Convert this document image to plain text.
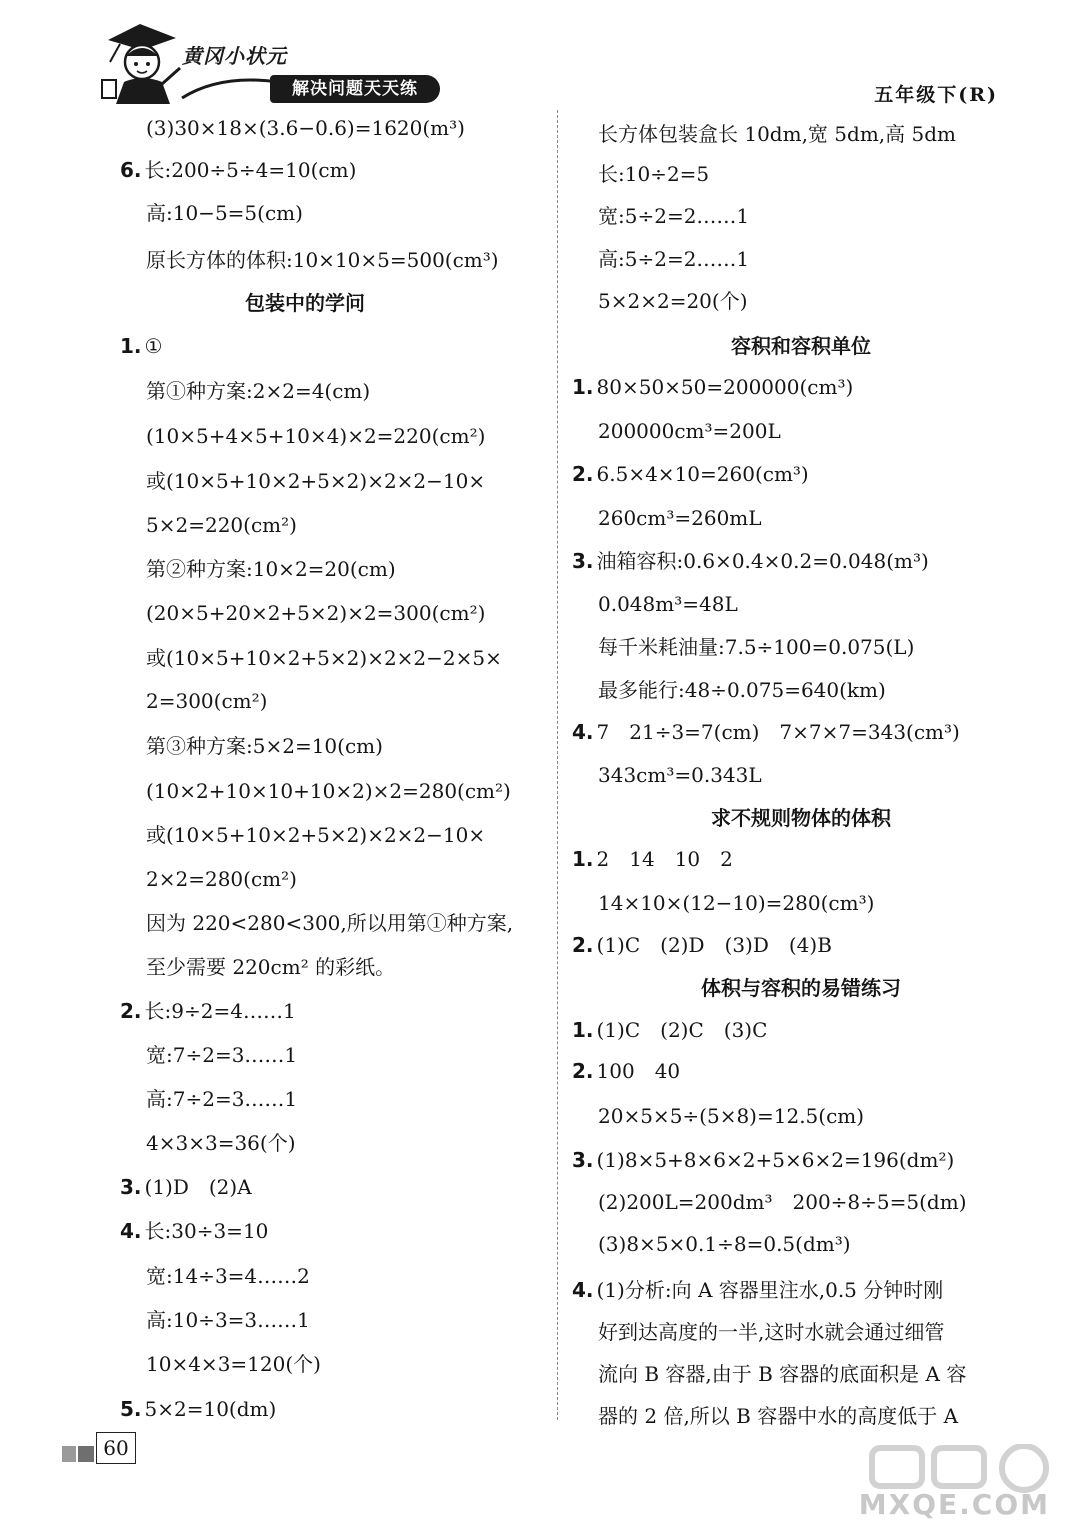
黄冈小状元
解决问题天天练	五年级下(R)
(3)30×18×(3.6−0.6)=1620(m³)
6. 长:200÷5÷4=10(cm)
高:10−5=5(cm)
原长方体的体积:10×10×5=500(cm³)
包装中的学问
1. ①
第①种方案:2×2=4(cm)
(10×5+4×5+10×4)×2=220(cm²)
或(10×5+10×2+5×2)×2×2−10×
5×2=220(cm²)
第②种方案:10×2=20(cm)
(20×5+20×2+5×2)×2=300(cm²)
或(10×5+10×2+5×2)×2×2−2×5×
2=300(cm²)
第③种方案:5×2=10(cm)
(10×2+10×10+10×2)×2=280(cm²)
或(10×5+10×2+5×2)×2×2−10×
2×2=280(cm²)
因为 220<280<300,所以用第①种方案,
至少需要 220cm² 的彩纸。
2. 长:9÷2=4……1
宽:7÷2=3……1
高:7÷2=3……1
4×3×3=36(个)
3. (1)D　(2)A
4. 长:30÷3=10
宽:14÷3=4……2
高:10÷3=3……1
10×4×3=120(个)
5. 5×2=10(dm)
长方体包装盒长 10dm,宽 5dm,高 5dm
长:10÷2=5
宽:5÷2=2……1
高:5÷2=2……1
5×2×2=20(个)
容积和容积单位
1. 80×50×50=200000(cm³)
200000cm³=200L
2. 6.5×4×10=260(cm³)
260cm³=260mL
3. 油箱容积:0.6×0.4×0.2=0.048(m³)
0.048m³=48L
每千米耗油量:7.5÷100=0.075(L)
最多能行:48÷0.075=640(km)
4. 7　21÷3=7(cm)　7×7×7=343(cm³)
343cm³=0.343L
求不规则物体的体积
1. 2　14　10　2
14×10×(12−10)=280(cm³)
2. (1)C　(2)D　(3)D　(4)B
体积与容积的易错练习
1. (1)C　(2)C　(3)C
2. 100　40
20×5×5÷(5×8)=12.5(cm)
3. (1)8×5+8×6×2+5×6×2=196(dm²)
(2)200L=200dm³　200÷8÷5=5(dm)
(3)8×5×0.1÷8=0.5(dm³)
4. (1)分析:向 A 容器里注水,0.5 分钟时刚
好到达高度的一半,这时水就会通过细管
流向 B 容器,由于 B 容器的底面积是 A 容
器的 2 倍,所以 B 容器中水的高度低于 A
60
MXQE.COM
